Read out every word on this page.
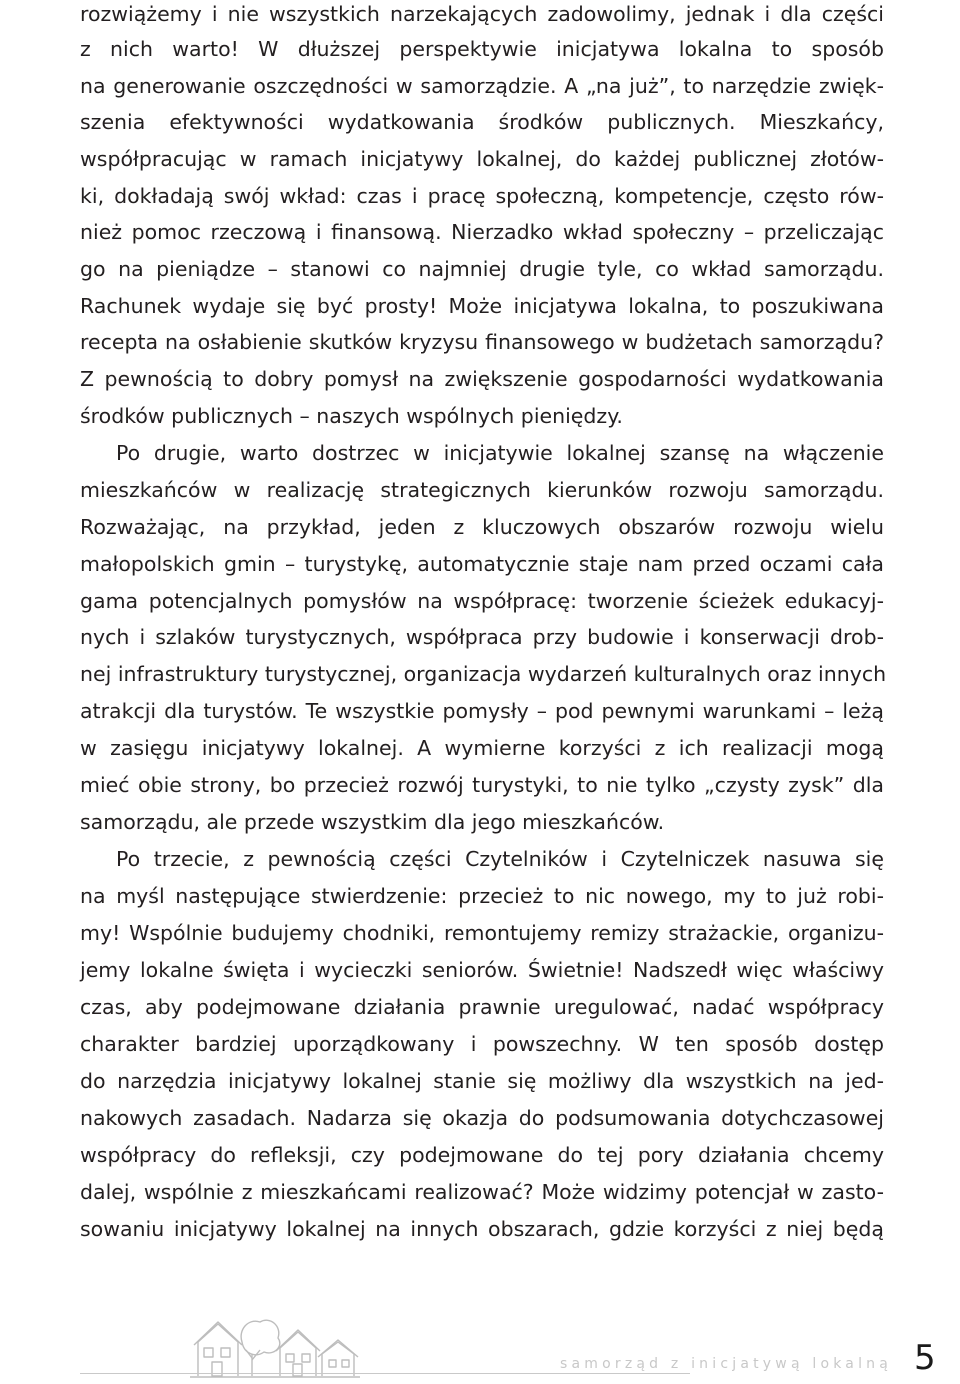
rozwiążemy i nie wszystkich narzekających zadowolimy, jednak i dla części
z nich warto! W dłuższej perspektywie inicjatywa lokalna to sposób
na generowanie oszczędności w samorządzie. A „na już”, to narzędzie zwięk-
szenia efektywności wydatkowania środków publicznych. Mieszkańcy,
współpracując w ramach inicjatywy lokalnej, do każdej publicznej złotów-
ki, dokładają swój wkład: czas i pracę społeczną, kompetencje, często rów-
nież pomoc rzeczową i finansową. Nierzadko wkład społeczny – przeliczając
go na pieniądze – stanowi co najmniej drugie tyle, co wkład samorządu.
Rachunek wydaje się być prosty! Może inicjatywa lokalna, to poszukiwana
recepta na osłabienie skutków kryzysu finansowego w budżetach samorządu?
Z pewnością to dobry pomysł na zwiększenie gospodarności wydatkowania
środków publicznych – naszych wspólnych pieniędzy.
Po drugie, warto dostrzec w inicjatywie lokalnej szansę na włączenie
mieszkańców w realizację strategicznych kierunków rozwoju samorządu.
Rozważając, na przykład, jeden z kluczowych obszarów rozwoju wielu
małopolskich gmin – turystykę, automatycznie staje nam przed oczami cała
gama potencjalnych pomysłów na współpracę: tworzenie ścieżek edukacyj-
nych i szlaków turystycznych, współpraca przy budowie i konserwacji drob-
nej infrastruktury turystycznej, organizacja wydarzeń kulturalnych oraz innych
atrakcji dla turystów. Te wszystkie pomysły – pod pewnymi warunkami – leżą
w zasięgu inicjatywy lokalnej. A wymierne korzyści z ich realizacji mogą
mieć obie strony, bo przecież rozwój turystyki, to nie tylko „czysty zysk” dla
samorządu, ale przede wszystkim dla jego mieszkańców.
Po trzecie, z pewnością części Czytelników i Czytelniczek nasuwa się
na myśl następujące stwierdzenie: przecież to nic nowego, my to już robi-
my! Wspólnie budujemy chodniki, remontujemy remizy strażackie, organizu-
jemy lokalne święta i wycieczki seniorów. Świetnie! Nadszedł więc właściwy
czas, aby podejmowane działania prawnie uregulować, nadać współpracy
charakter bardziej uporządkowany i powszechny. W ten sposób dostęp
do narzędzia inicjatywy lokalnej stanie się możliwy dla wszystkich na jed-
nakowych zasadach. Nadarza się okazja do podsumowania dotychczasowej
współpracy do refleksji, czy podejmowane do tej pory działania chcemy
dalej, wspólnie z mieszkańcami realizować? Może widzimy potencjał w zasto-
sowaniu inicjatywy lokalnej na innych obszarach, gdzie korzyści z niej będą
samorząd z inicjatywą lokalną 5
